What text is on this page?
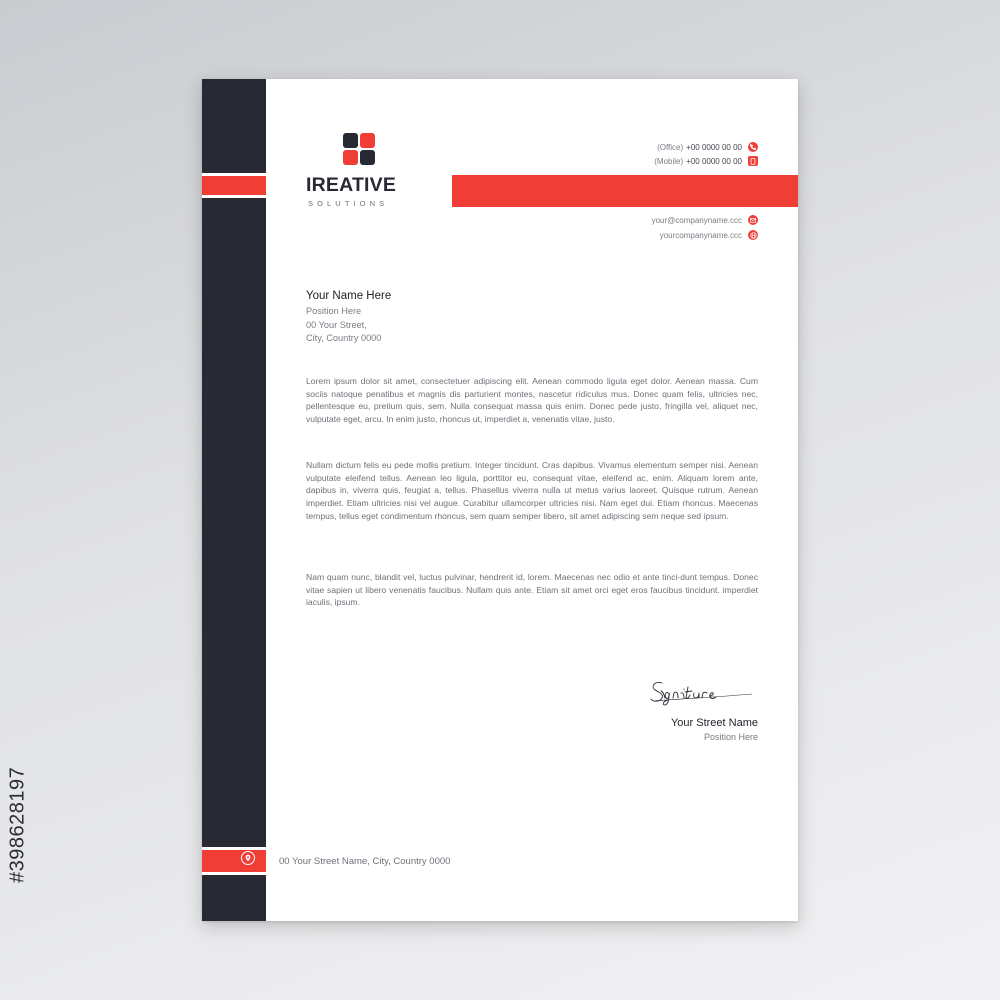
#398628197
IREATIVE
SOLUTIONS
(Office) +00 0000 00 00
(Mobile) +00 0000 00 00
your@companyname.ccc
yourcompanyname.ccc
Your Name Here
Position Here
00 Your Street,
City, Country 0000

Lorem ipsum dolor sit amet, consectetuer adipiscing elit. Aenean commodo ligula eget dolor. Aenean massa. Cum sociis natoque penatibus et magnis dis parturient montes, nascetur ridiculus mus. Donec quam felis, ultricies nec, pellentesque eu, pretium quis, sem. Nulla consequat massa quis enim. Donec pede justo, fringilla vel, aliquet nec, vulputate eget, arcu. In enim justo, rhoncus ut, imperdiet a, venenatis vitae, justo.

Nullam dictum felis eu pede mollis pretium. Integer tincidunt. Cras dapibus. Vivamus elementum semper nisi. Aenean vulputate eleifend tellus. Aenean leo ligula, porttitor eu, consequat vitae, eleifend ac, enim. Aliquam lorem ante, dapibus in, viverra quis, feugiat a, tellus. Phasellus viverra nulla ut metus varius laoreet. Quisque rutrum. Aenean imperdiet. Etiam ultricies nisi vel augue. Curabitur ullamcorper ultricies nisi. Nam eget dui. Etiam rhoncus. Maecenas tempus, tellus eget condimentum rhoncus, sem quam semper libero, sit amet adipiscing sem neque sed ipsum.

Nam quam nunc, blandit vel, luctus pulvinar, hendrerit id, lorem. Maecenas nec odio et ante tinci-dunt tempus. Donec vitae sapien ut libero venenatis faucibus. Nullam quis ante. Etiam sit amet orci eget eros faucibus tincidunt. imperdiet iaculis, ipsum.

Your Street Name
Position Here
00 Your Street Name, City, Country 0000
